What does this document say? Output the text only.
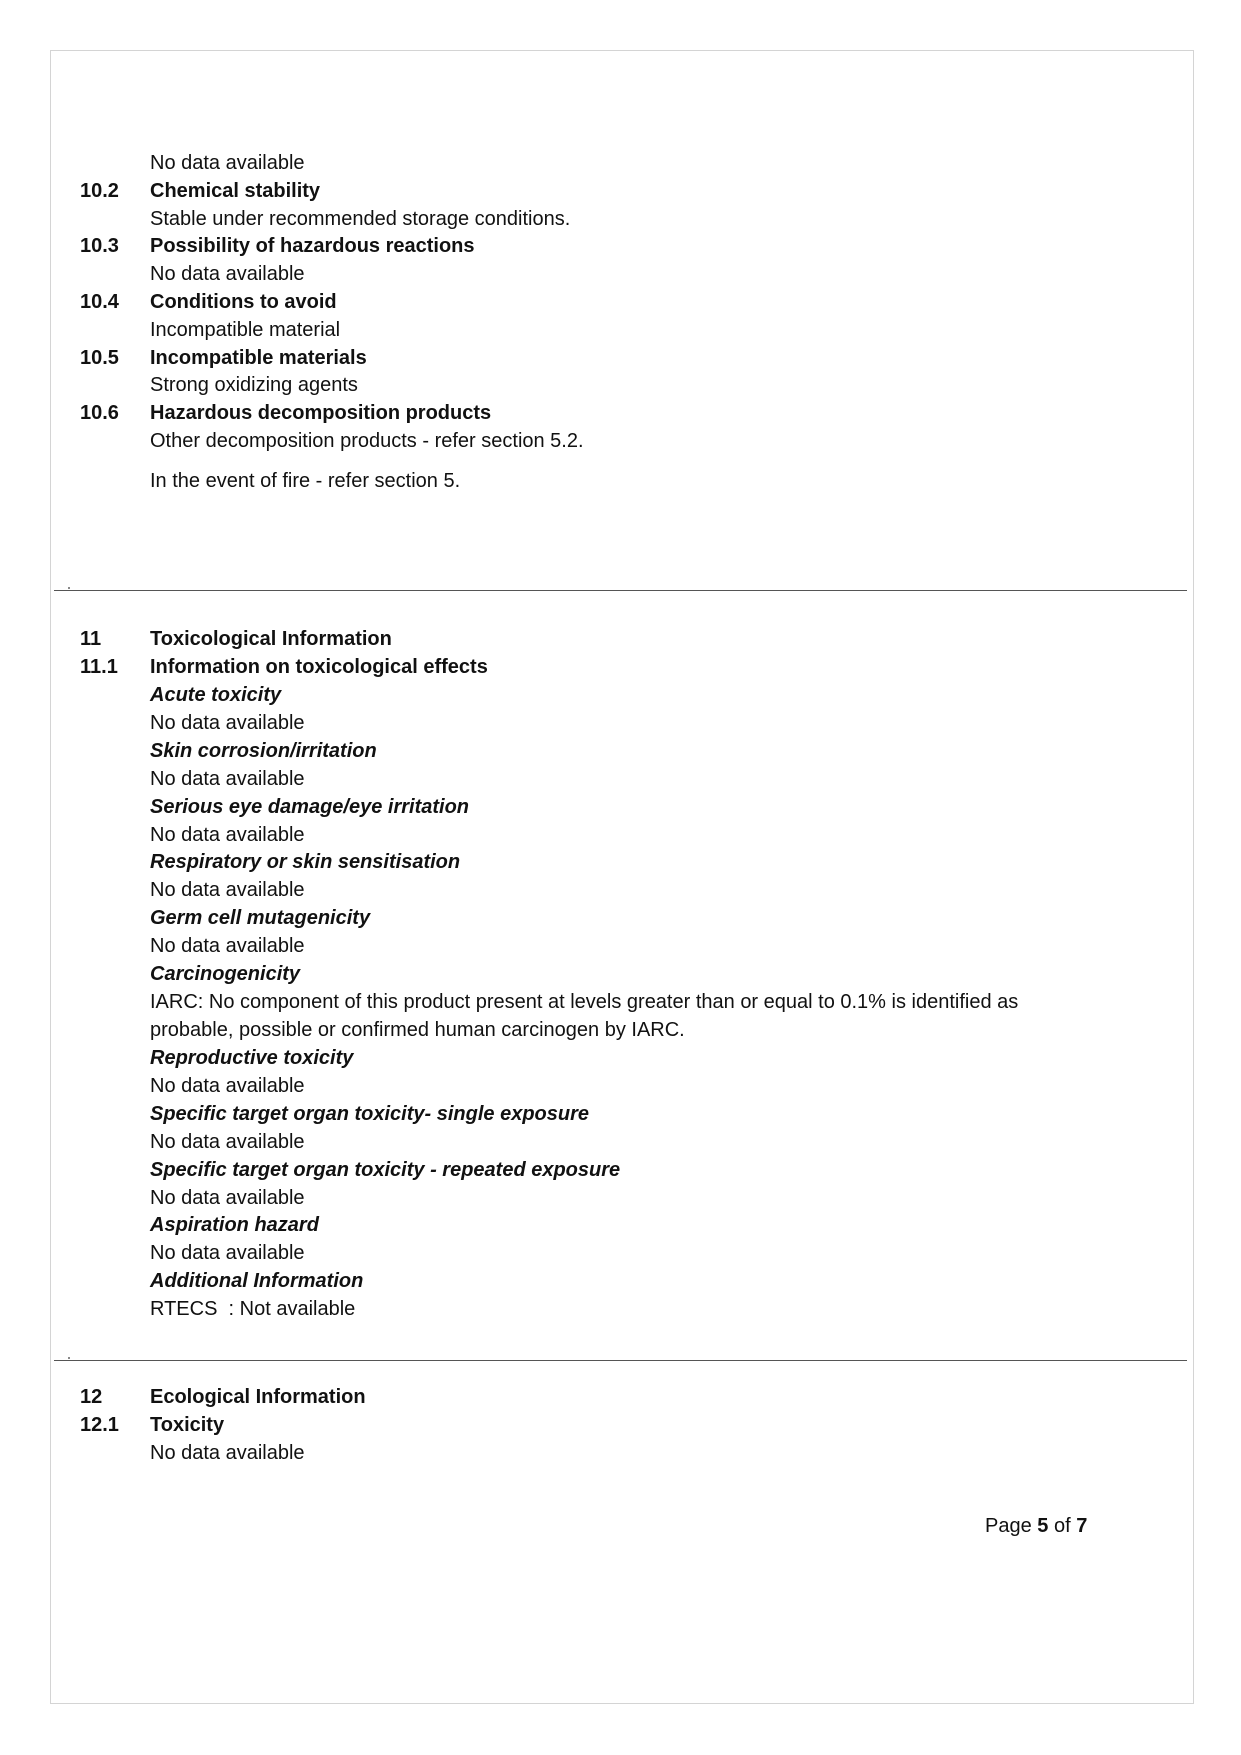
No data available
10.2 Chemical stability
Stable under recommended storage conditions.
10.3 Possibility of hazardous reactions
No data available
10.4 Conditions to avoid
Incompatible material
10.5 Incompatible materials
Strong oxidizing agents
10.6 Hazardous decomposition products
Other decomposition products - refer section 5.2.
In the event of fire - refer section 5.
11 Toxicological Information
11.1 Information on toxicological effects
Acute toxicity
No data available
Skin corrosion/irritation
No data available
Serious eye damage/eye irritation
No data available
Respiratory or skin sensitisation
No data available
Germ cell mutagenicity
No data available
Carcinogenicity
IARC: No component of this product present at levels greater than or equal to 0.1% is identified as
probable, possible or confirmed human carcinogen by IARC.
Reproductive toxicity
No data available
Specific target organ toxicity- single exposure
No data available
Specific target organ toxicity - repeated exposure
No data available
Aspiration hazard
No data available
Additional Information
RTECS  : Not available
12 Ecological Information
12.1 Toxicity
No data available
Page 5 of 7
